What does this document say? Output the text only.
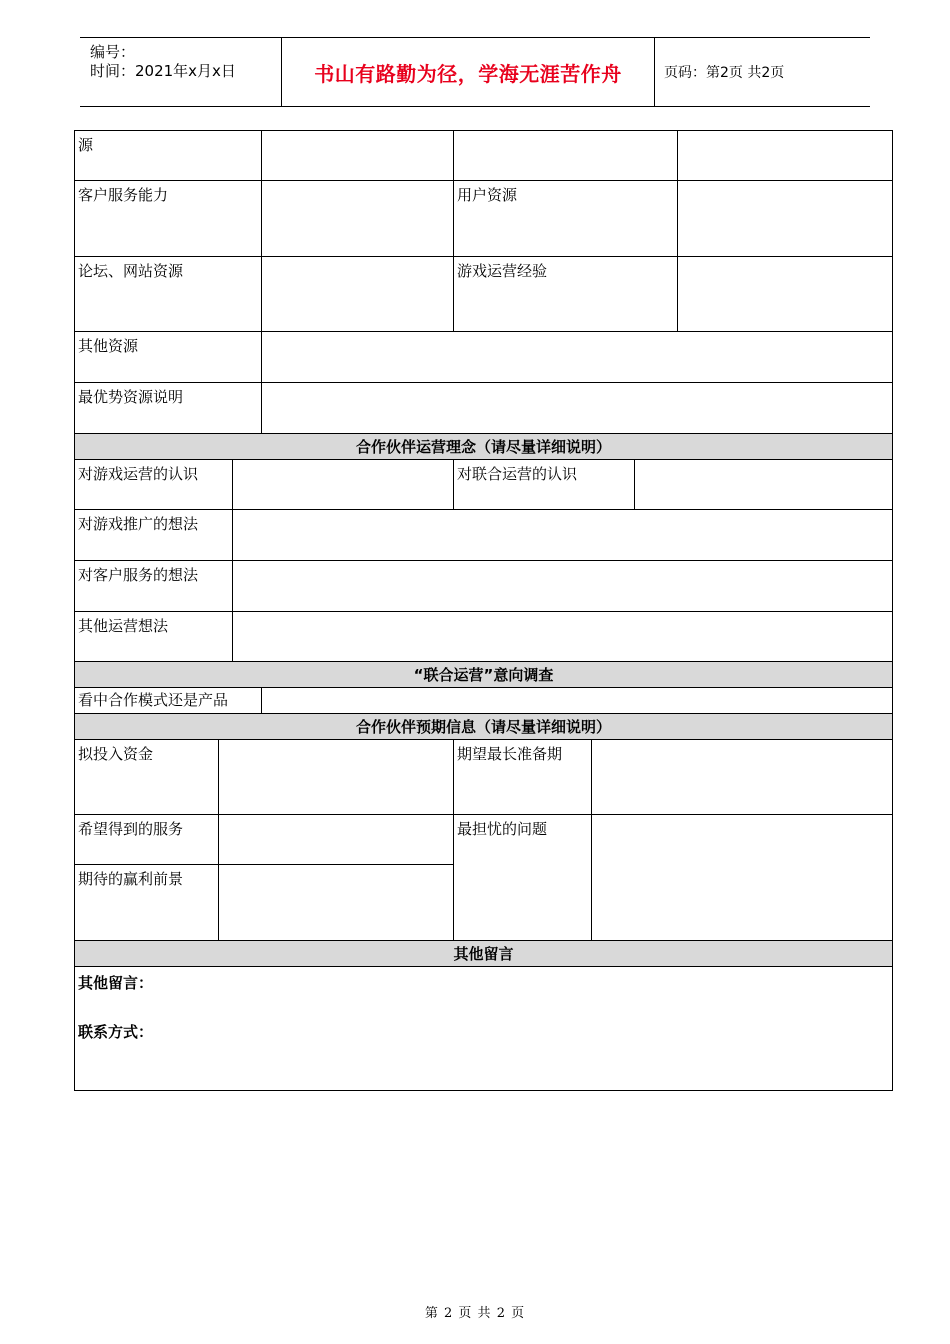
编号：
时间：2021年x月x日	书山有路勤为径，学海无涯苦作舟	页码：第2页 共2页
源
客户服务能力	用户资源
论坛、网站资源	游戏运营经验
其他资源
最优势资源说明
合作伙伴运营理念（请尽量详细说明）
对游戏运营的认识	对联合运营的认识
对游戏推广的想法
对客户服务的想法
其他运营想法
“联合运营”意向调查
看中合作模式还是产品
合作伙伴预期信息（请尽量详细说明）
拟投入资金	期望最长准备期
希望得到的服务	最担忧的问题
期待的赢利前景
其他留言
其他留言：
联系方式：
第 2 页 共 2 页
